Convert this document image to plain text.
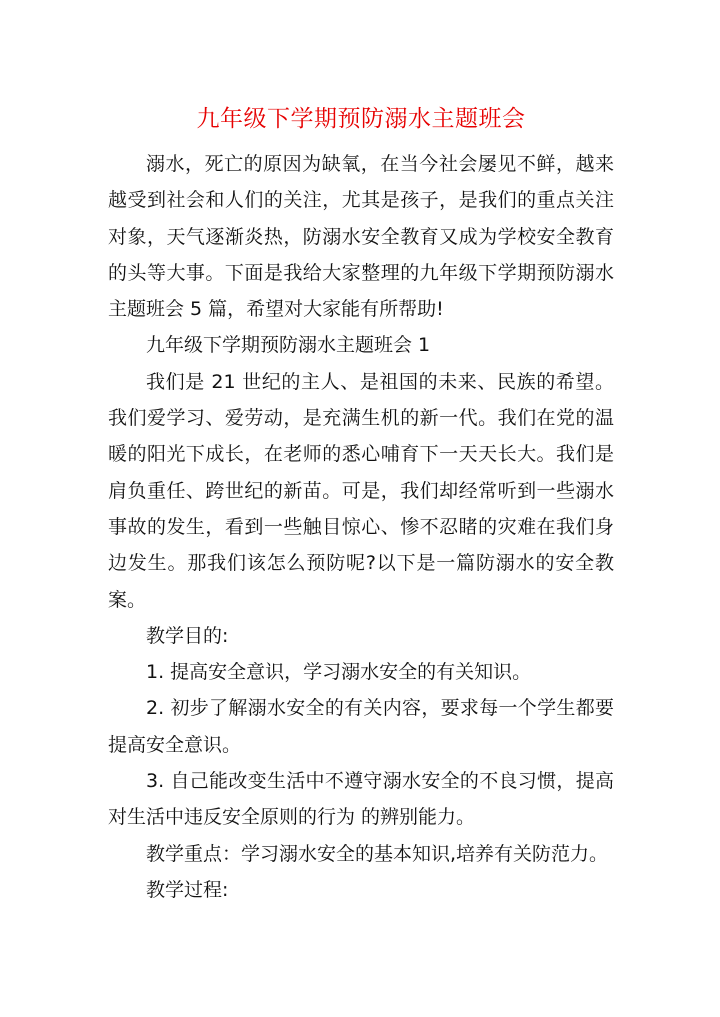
九年级下学期预防溺水主题班会

溺水，死亡的原因为缺氧，在当今社会屡见不鲜，越来越受到社会和人们的关注，尤其是孩子，是我们的重点关注对象，天气逐渐炎热，防溺水安全教育又成为学校安全教育的头等大事。下面是我给大家整理的九年级下学期预防溺水主题班会 5 篇，希望对大家能有所帮助!

九年级下学期预防溺水主题班会 1

我们是 21 世纪的主人、是祖国的未来、民族的希望。我们爱学习、爱劳动，是充满生机的新一代。我们在党的温暖的阳光下成长，在老师的悉心哺育下一天天长大。我们是肩负重任、跨世纪的新苗。可是，我们却经常听到一些溺水事故的发生，看到一些触目惊心、惨不忍睹的灾难在我们身边发生。那我们该怎么预防呢?以下是一篇防溺水的安全教案。

教学目的:

1. 提高安全意识，学习溺水安全的有关知识。

2. 初步了解溺水安全的有关内容，要求每一个学生都要提高安全意识。

3. 自己能改变生活中不遵守溺水安全的不良习惯，提高对生活中违反安全原则的行为 的辨别能力。

教学重点：学习溺水安全的基本知识,培养有关防范力。

教学过程:
